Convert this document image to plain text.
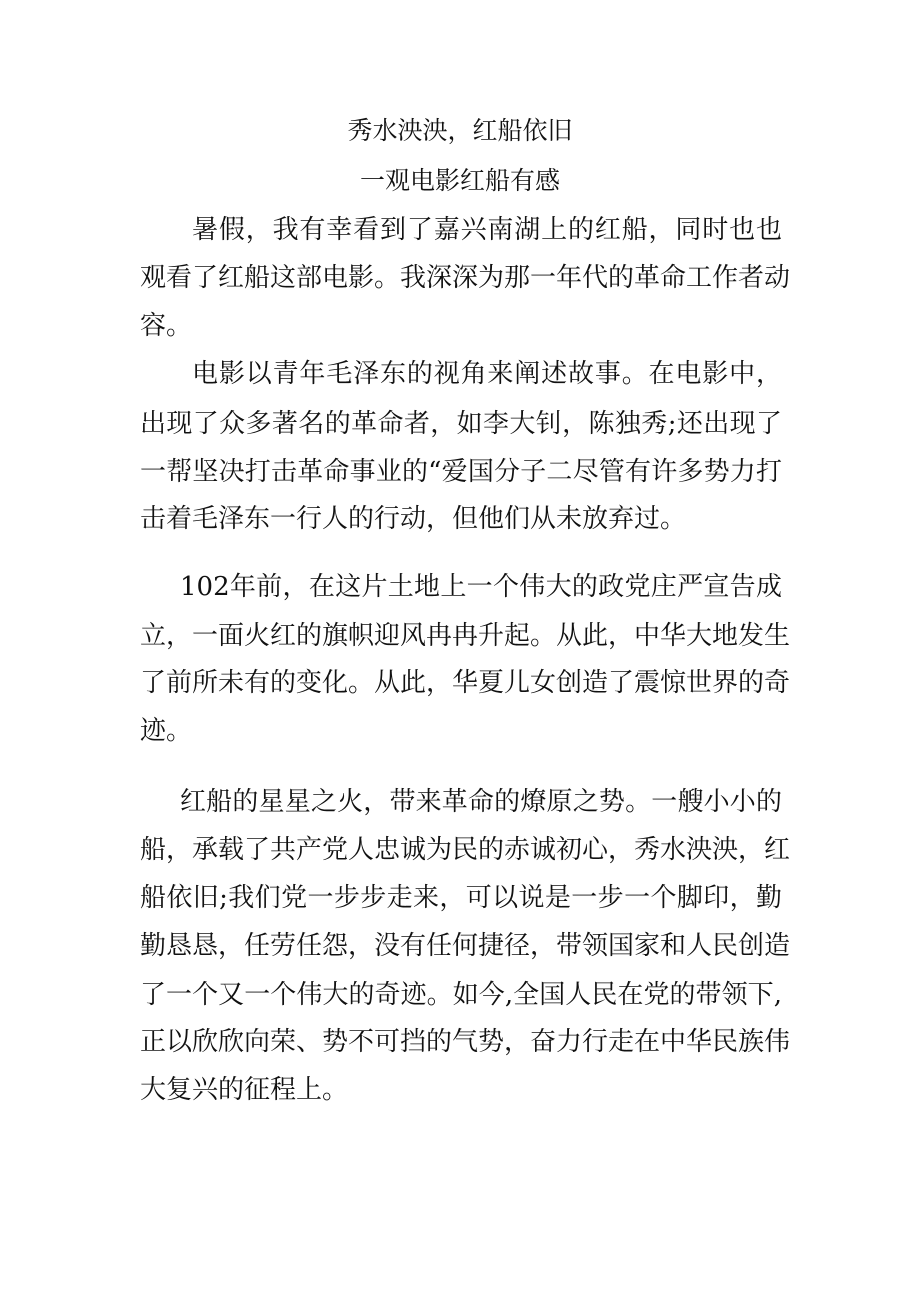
秀水泱泱，红船依旧
一观电影红船有感
暑假，我有幸看到了嘉兴南湖上的红船，同时也也
观看了红船这部电影。我深深为那一年代的革命工作者动
容。
电影以青年毛泽东的视角来阐述故事。在电影中，
出现了众多著名的革命者，如李大钊，陈独秀;还出现了
一帮坚决打击革命事业的“爱国分子二尽管有许多势力打
击着毛泽东一行人的行动，但他们从未放弃过。
102年前，在这片土地上一个伟大的政党庄严宣告成
立，一面火红的旗帜迎风冉冉升起。从此，中华大地发生
了前所未有的变化。从此，华夏儿女创造了震惊世界的奇
迹。
红船的星星之火，带来革命的燎原之势。一艘小小的
船，承载了共产党人忠诚为民的赤诚初心，秀水泱泱，红
船依旧;我们党一步步走来，可以说是一步一个脚印，勤
勤恳恳，任劳任怨，没有任何捷径，带领国家和人民创造
了一个又一个伟大的奇迹。如今,全国人民在党的带领下,
正以欣欣向荣、势不可挡的气势，奋力行走在中华民族伟
大复兴的征程上。
